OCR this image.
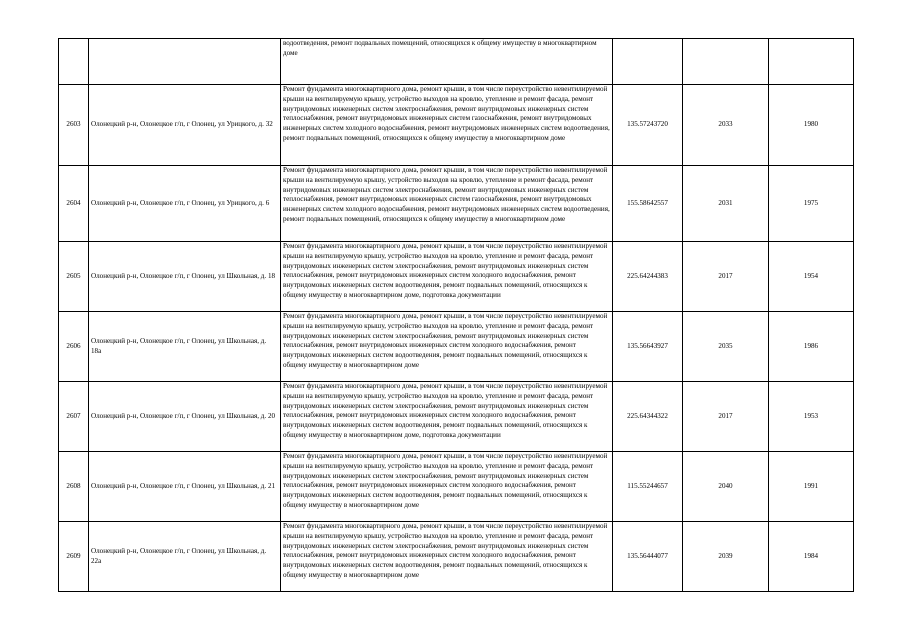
		водоотведения, ремонт подвальных помещений, относящихся к общему имуществу в многоквартирном доме			
2603	Олонецкий р-н, Олонецкое г/п, г Олонец, ул Урицкого, д. 32	Ремонт фундамента многоквартирного дома, ремонт крыши, в том числе переустройство невентилируемой крыши на вентилируемую крышу, устройство выходов на кровлю, утепление и ремонт фасада, ремонт внутридомовых инженерных систем электроснабжения, ремонт внутридомовых инженерных систем теплоснабжения, ремонт внутридомовых инженерных систем газоснабжения, ремонт внутридомовых инженерных систем холодного водоснабжения, ремонт внутридомовых инженерных систем водоотведения, ремонт подвальных помещений, относящихся к общему имуществу в многоквартирном доме	135.57243720	2033	1980
2604	Олонецкий р-н, Олонецкое г/п, г Олонец, ул Урицкого, д. 6	Ремонт фундамента многоквартирного дома, ремонт крыши, в том числе переустройство невентилируемой крыши на вентилируемую крышу, устройство выходов на кровлю, утепление и ремонт фасада, ремонт внутридомовых инженерных систем электроснабжения, ремонт внутридомовых инженерных систем теплоснабжения, ремонт внутридомовых инженерных систем газоснабжения, ремонт внутридомовых инженерных систем холодного водоснабжения, ремонт внутридомовых инженерных систем водоотведения, ремонт подвальных помещений, относящихся к общему имуществу в многоквартирном доме	155.58642557	2031	1975
2605	Олонецкий р-н, Олонецкое г/п, г Олонец, ул Школьная, д. 18	Ремонт фундамента многоквартирного дома, ремонт крыши, в том числе переустройство невентилируемой крыши на вентилируемую крышу, устройство выходов на кровлю, утепление и ремонт фасада, ремонт внутридомовых инженерных систем электроснабжения, ремонт внутридомовых инженерных систем теплоснабжения, ремонт внутридомовых инженерных систем холодного водоснабжения, ремонт внутридомовых инженерных систем водоотведения, ремонт подвальных помещений, относящихся к общему имуществу в многоквартирном доме, подготовка документации	225.64244383	2017	1954
2606	Олонецкий р-н, Олонецкое г/п, г Олонец, ул Школьная, д. 18а	Ремонт фундамента многоквартирного дома, ремонт крыши, в том числе переустройство невентилируемой крыши на вентилируемую крышу, устройство выходов на кровлю, утепление и ремонт фасада, ремонт внутридомовых инженерных систем электроснабжения, ремонт внутридомовых инженерных систем теплоснабжения, ремонт внутридомовых инженерных систем холодного водоснабжения, ремонт внутридомовых инженерных систем водоотведения, ремонт подвальных помещений, относящихся к общему имуществу в многоквартирном доме	135.56643927	2035	1986
2607	Олонецкий р-н, Олонецкое г/п, г Олонец, ул Школьная, д. 20	Ремонт фундамента многоквартирного дома, ремонт крыши, в том числе переустройство невентилируемой крыши на вентилируемую крышу, устройство выходов на кровлю, утепление и ремонт фасада, ремонт внутридомовых инженерных систем электроснабжения, ремонт внутридомовых инженерных систем теплоснабжения, ремонт внутридомовых инженерных систем холодного водоснабжения, ремонт внутридомовых инженерных систем водоотведения, ремонт подвальных помещений, относящихся к общему имуществу в многоквартирном доме, подготовка документации	225.64344322	2017	1953
2608	Олонецкий р-н, Олонецкое г/п, г Олонец, ул Школьная, д. 21	Ремонт фундамента многоквартирного дома, ремонт крыши, в том числе переустройство невентилируемой крыши на вентилируемую крышу, устройство выходов на кровлю, утепление и ремонт фасада, ремонт внутридомовых инженерных систем электроснабжения, ремонт внутридомовых инженерных систем теплоснабжения, ремонт внутридомовых инженерных систем холодного водоснабжения, ремонт внутридомовых инженерных систем водоотведения, ремонт подвальных помещений, относящихся к общему имуществу в многоквартирном доме	115.55244657	2040	1991
2609	Олонецкий р-н, Олонецкое г/п, г Олонец, ул Школьная, д. 22а	Ремонт фундамента многоквартирного дома, ремонт крыши, в том числе переустройство невентилируемой крыши на вентилируемую крышу, устройство выходов на кровлю, утепление и ремонт фасада, ремонт внутридомовых инженерных систем электроснабжения, ремонт внутридомовых инженерных систем теплоснабжения, ремонт внутридомовых инженерных систем холодного водоснабжения, ремонт внутридомовых инженерных систем водоотведения, ремонт подвальных помещений, относящихся к общему имуществу в многоквартирном доме	135.56444077	2039	1984
